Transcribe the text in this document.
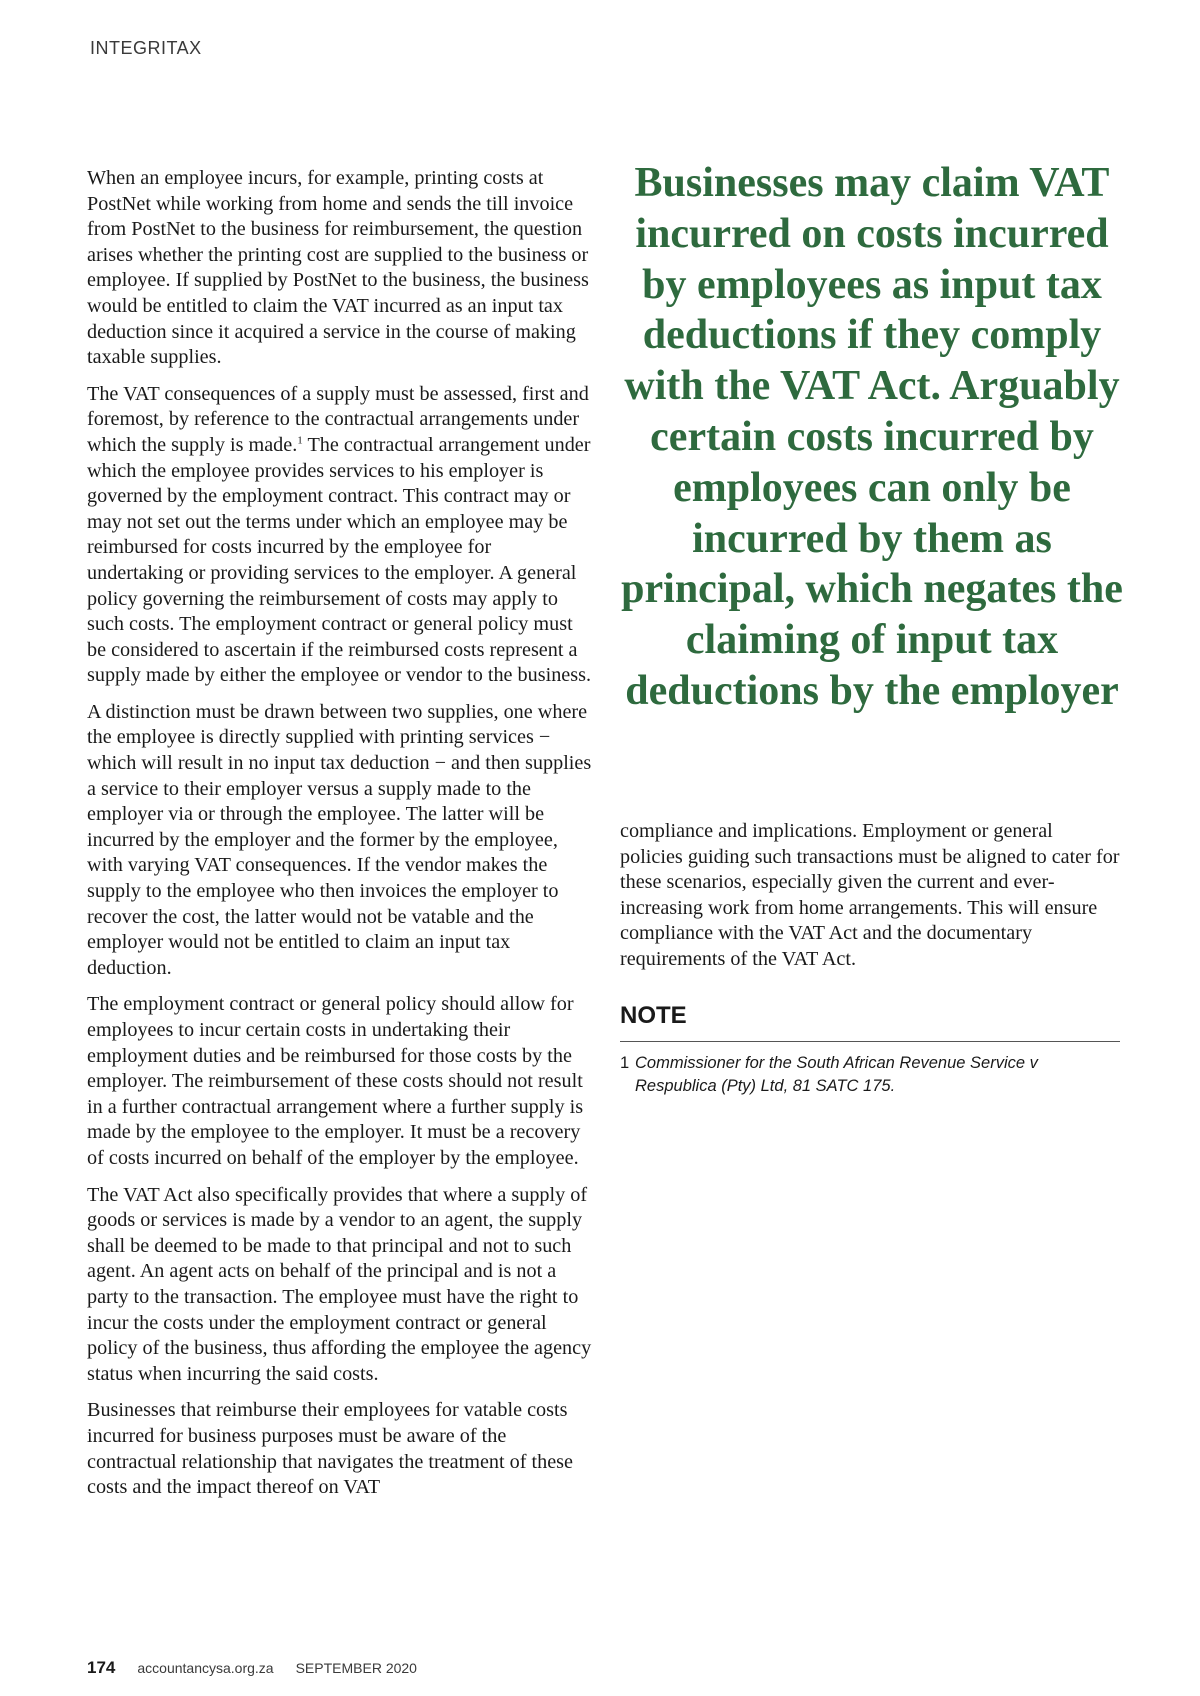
INTEGRITAX

When an employee incurs, for example, printing costs at PostNet while working from home and sends the till invoice from PostNet to the business for reimbursement, the question arises whether the printing cost are supplied to the business or employee. If supplied by PostNet to the business, the business would be entitled to claim the VAT incurred as an input tax deduction since it acquired a service in the course of making taxable supplies.

The VAT consequences of a supply must be assessed, first and foremost, by reference to the contractual arrangements under which the supply is made.$^1$ The contractual arrangement under which the employee provides services to his employer is governed by the employment contract. This contract may or may not set out the terms under which an employee may be reimbursed for costs incurred by the employee for undertaking or providing services to the employer. A general policy governing the reimbursement of costs may apply to such costs. The employment contract or general policy must be considered to ascertain if the reimbursed costs represent a supply made by either the employee or vendor to the business.

A distinction must be drawn between two supplies, one where the employee is directly supplied with printing services − which will result in no input tax deduction − and then supplies a service to their employer versus a supply made to the employer via or through the employee. The latter will be incurred by the employer and the former by the employee, with varying VAT consequences. If the vendor makes the supply to the employee who then invoices the employer to recover the cost, the latter would not be vatable and the employer would not be entitled to claim an input tax deduction.

The employment contract or general policy should allow for employees to incur certain costs in undertaking their employment duties and be reimbursed for those costs by the employer. The reimbursement of these costs should not result in a further contractual arrangement where a further supply is made by the employee to the employer. It must be a recovery of costs incurred on behalf of the employer by the employee.

The VAT Act also specifically provides that where a supply of goods or services is made by a vendor to an agent, the supply shall be deemed to be made to that principal and not to such agent. An agent acts on behalf of the principal and is not a party to the transaction. The employee must have the right to incur the costs under the employment contract or general policy of the business, thus affording the employee the agency status when incurring the said costs.

Businesses that reimburse their employees for vatable costs incurred for business purposes must be aware of the contractual relationship that navigates the treatment of these costs and the impact thereof on VAT

Businesses may claim VAT incurred on costs incurred by employees as input tax deductions if they comply with the VAT Act. Arguably certain costs incurred by employees can only be incurred by them as principal, which negates the claiming of input tax deductions by the employer

compliance and implications. Employment or general policies guiding such transactions must be aligned to cater for these scenarios, especially given the current and ever-increasing work from home arrangements. This will ensure compliance with the VAT Act and the documentary requirements of the VAT Act.

NOTE
1 Commissioner for the South African Revenue Service v Respublica (Pty) Ltd, 81 SATC 175.
174 accountancysa.org.za SEPTEMBER 2020
